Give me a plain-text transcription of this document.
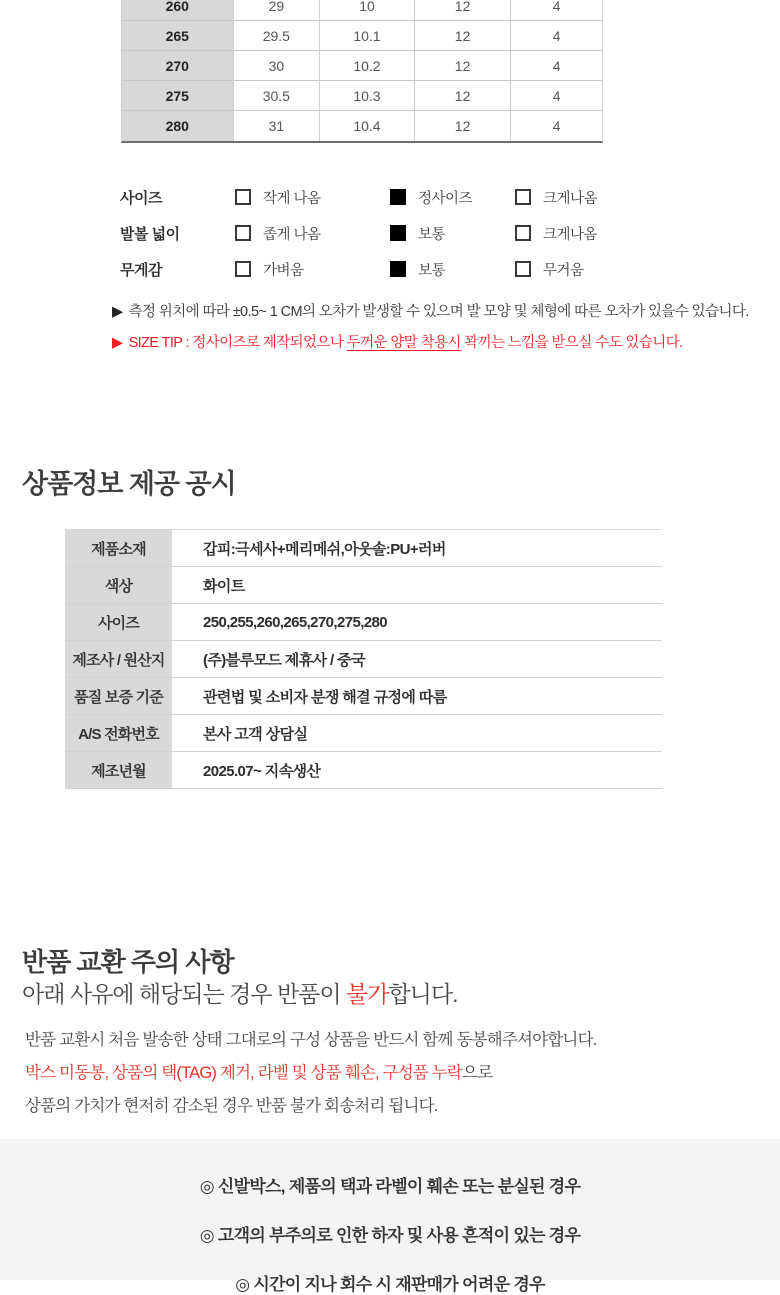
260	29	10	12	4
265	29.5	10.1	12	4
270	30	10.2	12	4
275	30.5	10.3	12	4
280	31	10.4	12	4
사이즈	작게 나옴	정사이즈	크게나옴
발볼 넓이	좁게 나옴	보통	크게나옴
무게감	가벼움	보통	무거움
▶ 측정 위치에 따라 ±0.5~ 1 CM의 오차가 발생할 수 있으며 발 모양 및 체형에 따른 오차가 있을수 있습니다.
▶ SIZE TIP : 정사이즈로 제작되었으나 두꺼운 양말 착용시 꽉끼는 느낌을 받으실 수도 있습니다.
상품정보 제공 공시
제품소재	갑피:극세사+메리메쉬,아웃솔:PU+러버
색상	화이트
사이즈	250,255,260,265,270,275,280
제조사 / 원산지	(주)블루모드 제휴사 / 중국
품질 보증 기준	관련법 및 소비자 분쟁 해결 규정에 따름
A/S 전화번호	본사 고객 상담실
제조년월	2025.07~ 지속생산
반품 교환 주의 사항
아래 사유에 해당되는 경우 반품이 불가합니다.
반품 교환시 처음 발송한 상태 그대로의 구성 상품을 반드시 함께 동봉해주셔야합니다.
박스 미동봉, 상품의 택(TAG) 제거, 라벨 및 상품 훼손, 구성품 누락으로
상품의 가치가 현저히 감소된 경우 반품 불가 회송처리 됩니다.
◎ 신발박스, 제품의 택과 라벨이 훼손 또는 분실된 경우
◎ 고객의 부주의로 인한 하자 및 사용 흔적이 있는 경우
◎ 시간이 지나 회수 시 재판매가 어려운 경우
